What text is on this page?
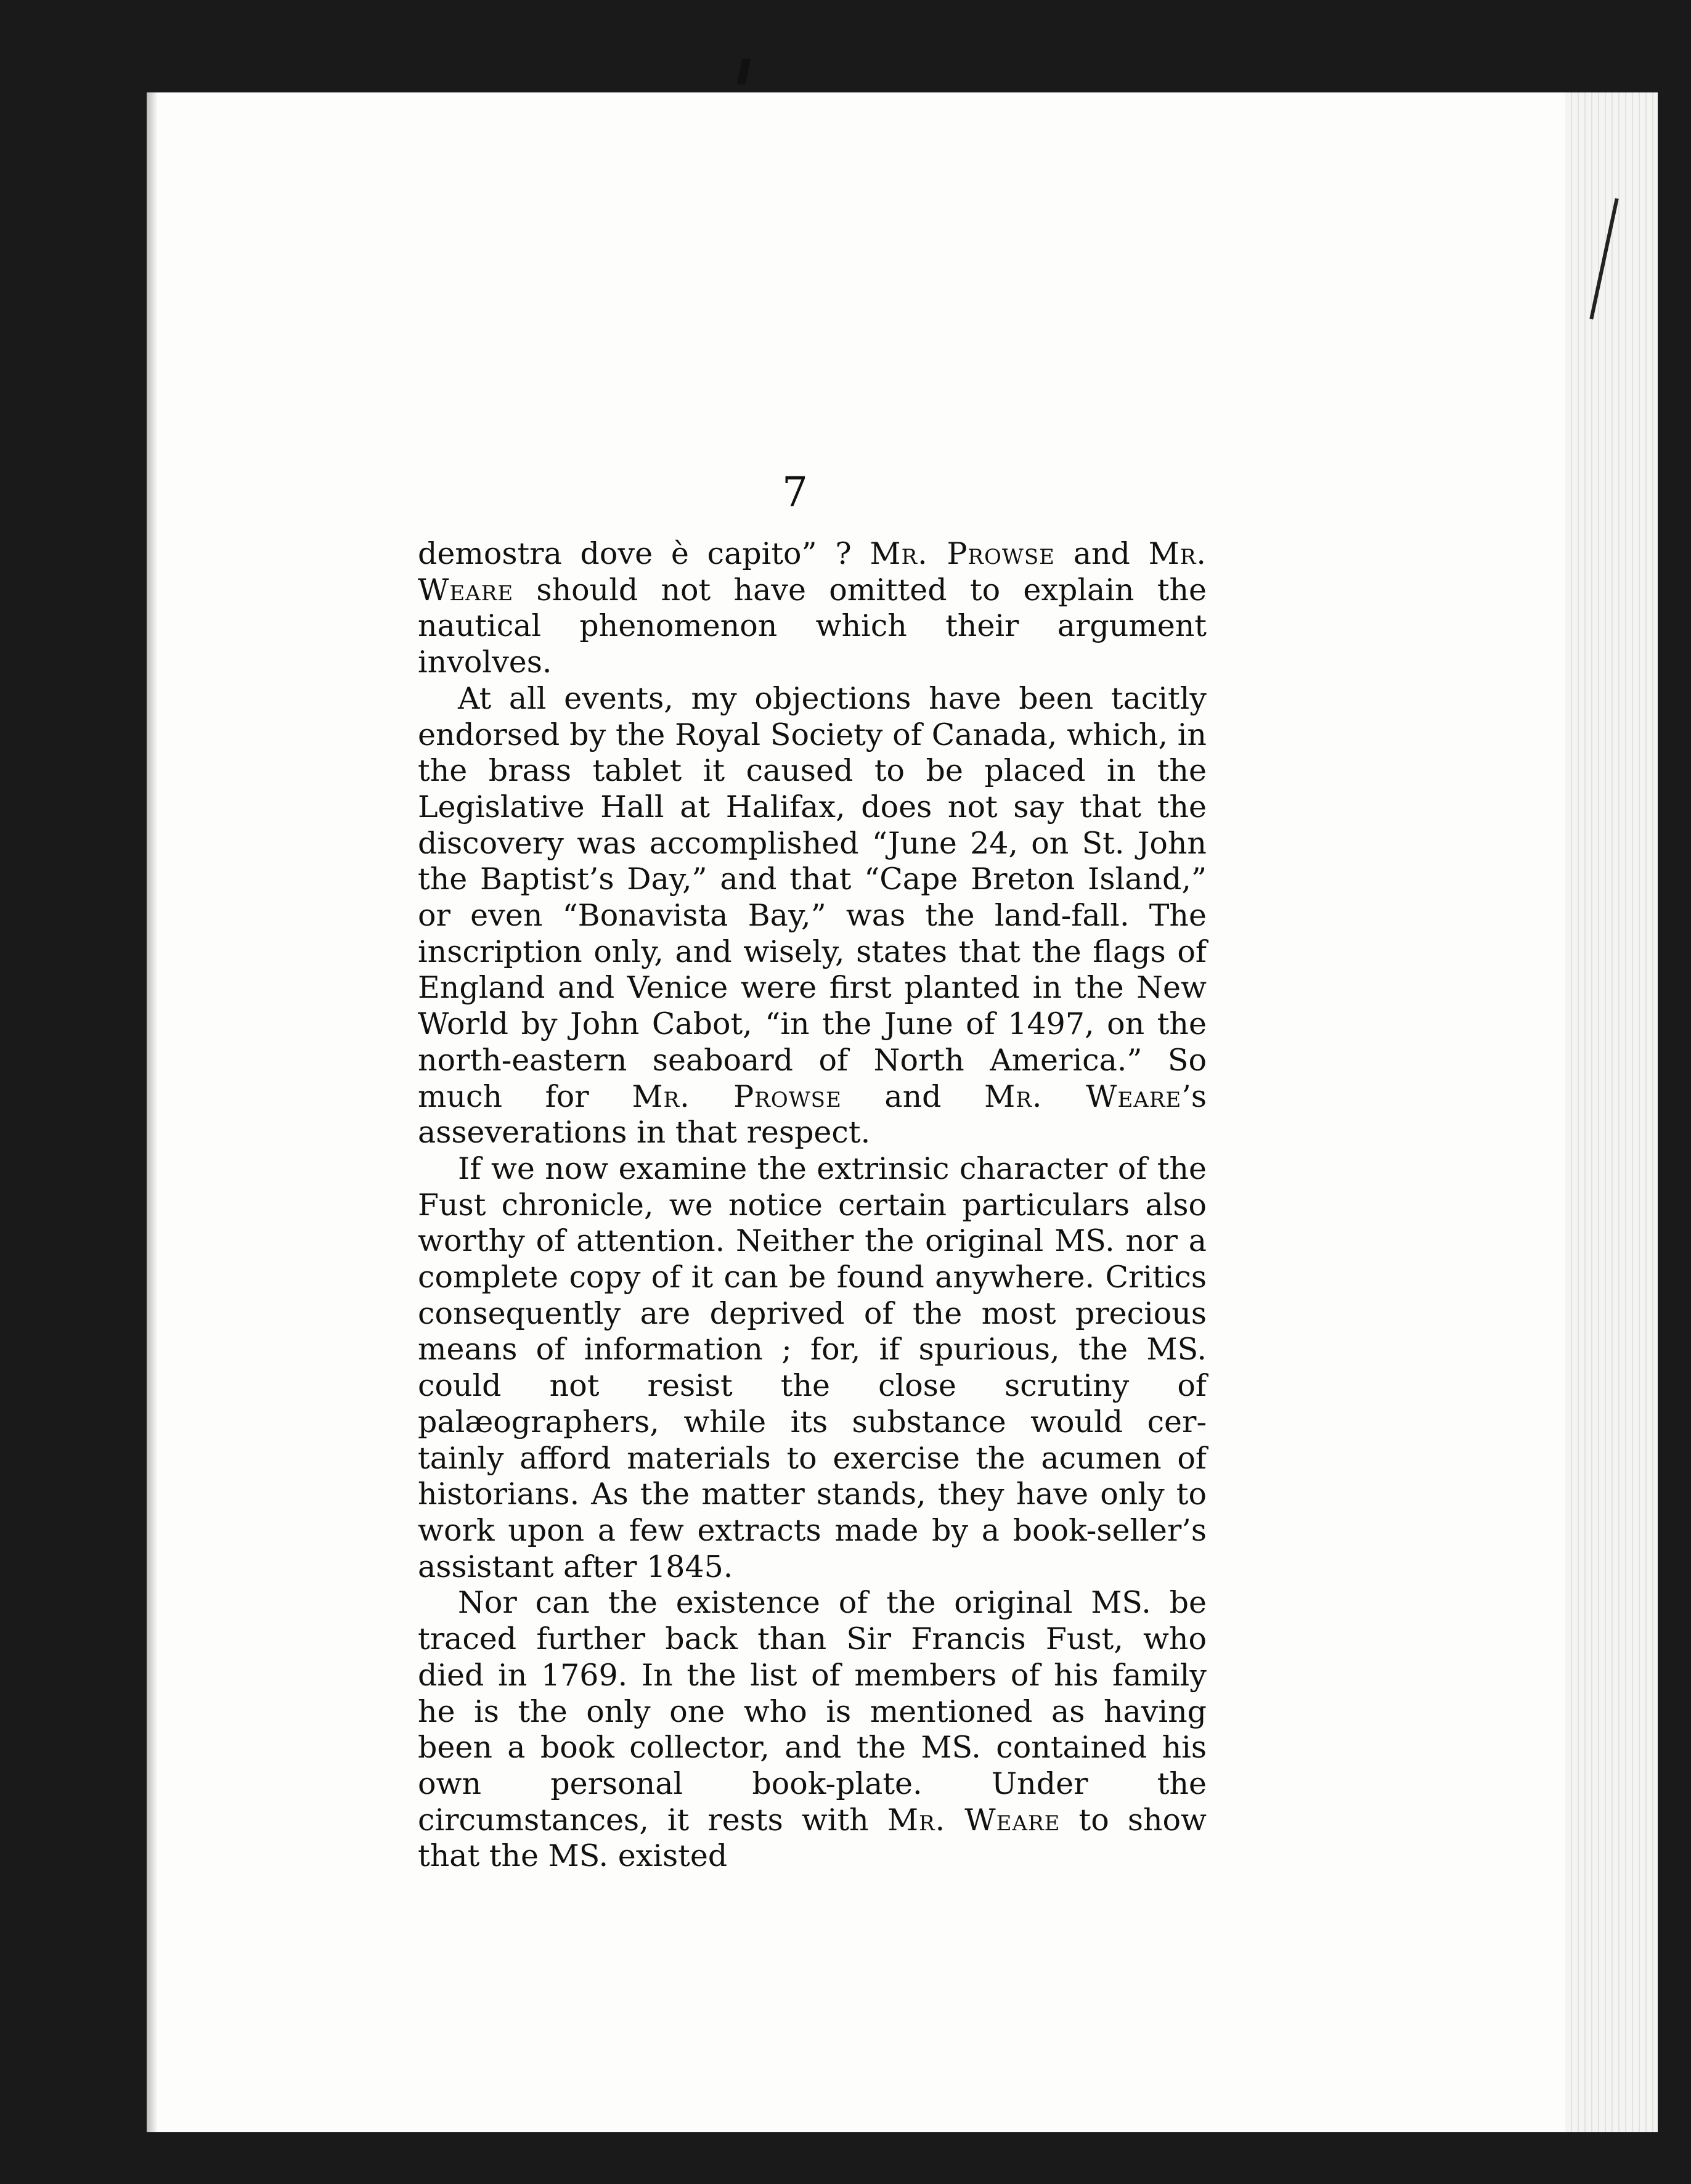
7

demostra dove è capito” ? Mr. Prowse and Mr. Weare should not have omitted to explain the nautical phenomenon which their argument involves.

At all events, my objections have been tacitly endorsed by the Royal Society of Canada, which, in the brass tablet it caused to be placed in the Legislative Hall at Halifax, does not say that the discovery was accomplished “June 24, on St. John the Baptist’s Day,” and that “Cape Breton Island,” or even “Bonavista Bay,” was the land-fall. The inscription only, and wisely, states that the flags of England and Venice were first planted in the New World by John Cabot, “in the June of 1497, on the north-eastern seaboard of North America.” So much for Mr. Prowse and Mr. Weare’s asseverations in that respect.

If we now examine the extrinsic character of the Fust chronicle, we notice certain particulars also worthy of attention. Neither the original MS. nor a complete copy of it can be found anywhere. Critics consequently are deprived of the most precious means of information ; for, if spurious, the MS. could not resist the close scrutiny of palæographers, while its substance would cer-tainly afford materials to exercise the acumen of historians. As the matter stands, they have only to work upon a few extracts made by a book-seller’s assistant after 1845.

Nor can the existence of the original MS. be traced further back than Sir Francis Fust, who died in 1769. In the list of members of his family he is the only one who is mentioned as having been a book collector, and the MS. contained his own personal book-plate. Under the circumstances, it rests with Mr. Weare to show that the MS. existed
